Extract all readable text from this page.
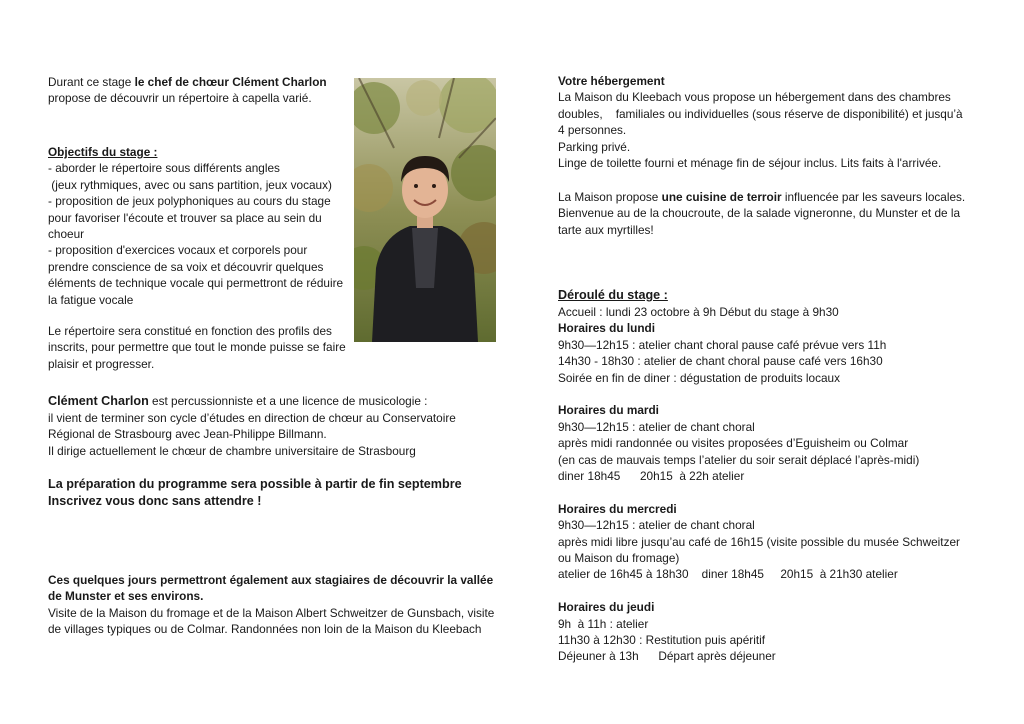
Durant ce stage le chef de chœur Clément Charlon propose de découvrir un répertoire à capella varié.

Objectifs du stage :

- aborder le répertoire sous différents angles

(jeux rythmiques, avec ou sans partition, jeux vocaux)

- proposition de jeux polyphoniques au cours du stage pour favoriser l'écoute et trouver sa place au sein du choeur

- proposition d'exercices vocaux et corporels pour prendre conscience de sa voix et découvrir quelques éléments de technique vocale qui permettront de réduire la fatigue vocale

Le répertoire sera constitué en fonction des profils des inscrits, pour permettre que tout le monde puisse se faire plaisir et progresser.

Clément Charlon est percussionniste et a une licence de musicologie :

il vient de terminer son cycle d’études en direction de chœur au Conservatoire Régional de Strasbourg avec Jean-Philippe Billmann.

Il dirige actuellement le chœur de chambre universitaire de Strasbourg

La préparation du programme sera possible à partir de fin septembre

Inscrivez vous donc sans attendre !

Ces quelques jours permettront également aux stagiaires de découvrir la vallée de Munster et ses environs.

Visite de la Maison du fromage et de la Maison Albert Schweitzer de Gunsbach, visite de villages typiques ou de Colmar. Randonnées non loin de la Maison du Kleebach

Votre hébergement

La Maison du Kleebach vous propose un hébergement dans des chambres

doubles,    familiales ou individuelles (sous réserve de disponibilité) et jusqu’à

4 personnes.

Parking privé.

Linge de toilette fourni et ménage fin de séjour inclus. Lits faits à l'arrivée.

La Maison propose une cuisine de terroir influencée par les saveurs locales.

Bienvenue au de la choucroute, de la salade vigneronne, du Munster et de la

tarte aux myrtilles!

Déroulé du stage :

Accueil : lundi 23 octobre à 9h Début du stage à 9h30

Horaires du lundi

9h30—12h15 : atelier chant choral pause café prévue vers 11h

14h30 - 18h30 : atelier de chant choral pause café vers 16h30

Soirée en fin de diner : dégustation de produits locaux

Horaires du mardi

9h30—12h15 : atelier de chant choral

après midi randonnée ou visites proposées d’Eguisheim ou Colmar

(en cas de mauvais temps l’atelier du soir serait déplacé l’après-midi)

diner 18h45      20h15  à 22h atelier

Horaires du mercredi

9h30—12h15 : atelier de chant choral

après midi libre jusqu’au café de 16h15 (visite possible du musée Schweitzer

ou Maison du fromage)

atelier de 16h45 à 18h30    diner 18h45     20h15  à 21h30 atelier

Horaires du jeudi

9h  à 11h : atelier

11h30 à 12h30 : Restitution puis apéritif

Déjeuner à 13h      Départ après déjeuner
